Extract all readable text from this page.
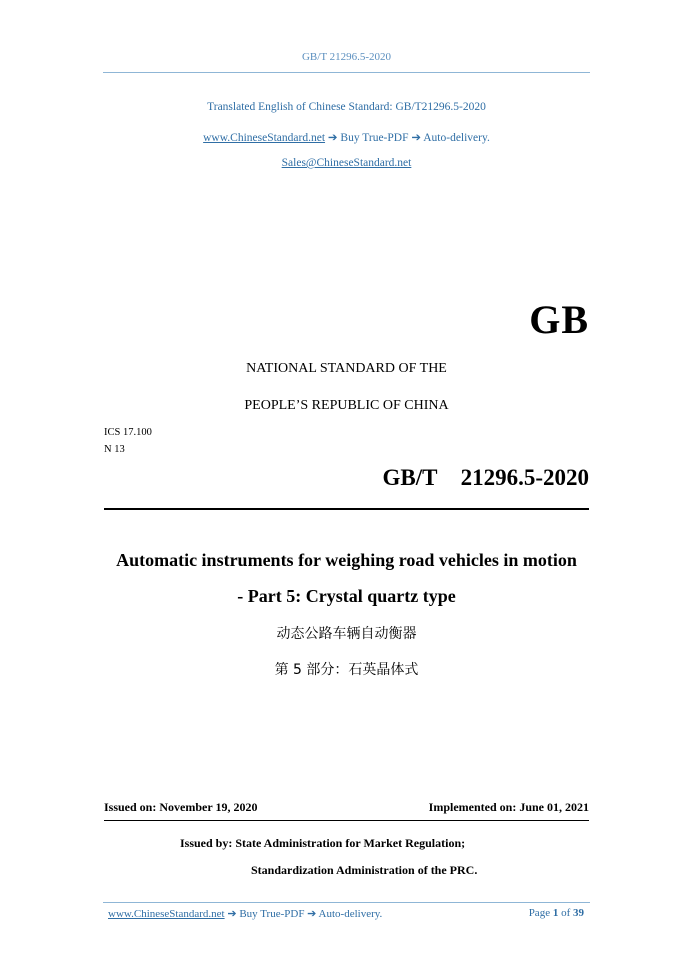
GB/T 21296.5-2020
Translated English of Chinese Standard: GB/T21296.5-2020
www.ChineseStandard.net ➔ Buy True-PDF ➔ Auto-delivery.
Sales@ChineseStandard.net
GB
NATIONAL STANDARD OF THE
PEOPLE’S REPUBLIC OF CHINA
ICS 17.100
N 13
GB/T  21296.5-2020
Automatic instruments for weighing road vehicles in motion
- Part 5: Crystal quartz type
动态公路车辆自动衡器
第 5 部分：石英晶体式
Issued on: November 19, 2020	Implemented on: June 01, 2021
Issued by: State Administration for Market Regulation;
Standardization Administration of the PRC.
www.ChineseStandard.net ➔ Buy True-PDF ➔ Auto-delivery.	Page 1 of 39
